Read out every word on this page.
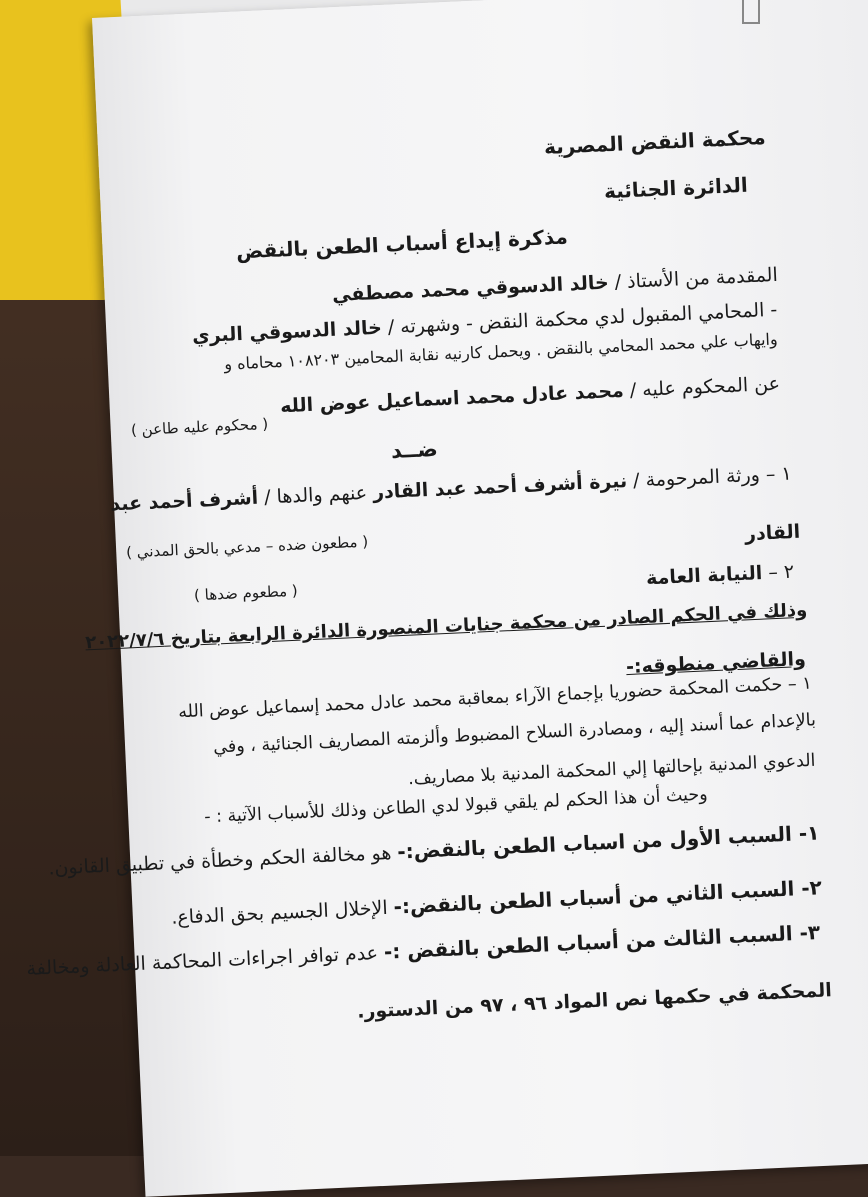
محكمة النقض المصرية
الدائرة الجنائية
مذكرة إيداع أسباب الطعن بالنقض
المقدمة من الأستاذ / خالد الدسوقي محمد مصطفي
- المحامي المقبول لدي محكمة النقض - وشهرته / خالد الدسوقي البري	وايهاب علي محمد المحامي بالنقض . ويحمل كارنيه نقابة المحامين ١٠٨٢٠٣ محاماه و
عن المحكوم عليه / محمد عادل محمد اسماعيل عوض الله
( محكوم عليه طاعن )
ضــد
١ – ورثة المرحومة / نيرة أشرف أحمد عبد القادر عنهم والدها / أشرف أحمد عبد
القادر
( مطعون ضده – مدعي بالحق المدني )
٢ – النيابة العامة
( مطعوم ضدها )
وذلك في الحكم الصادر من محكمة جنايات المنصورة الدائرة الرابعة بتاريخ ٢٠٢٢/٧/٦
والقاضي منطوقه:-
١ – حكمت المحكمة حضوريا بإجماع الآراء بمعاقبة محمد عادل محمد إسماعيل عوض الله
بالإعدام عما أسند إليه ، ومصادرة السلاح المضبوط وألزمته المصاريف الجنائية ، وفي
الدعوي المدنية بإحالتها إلي المحكمة المدنية بلا مصاريف.
وحيث أن هذا الحكم لم يلقي قبولا لدي الطاعن وذلك للأسباب الآتية : -
١- السبب الأول من اسباب الطعن بالنقض:- هو مخالفة الحكم وخطأة في تطبيق القانون.
٢- السبب الثاني من أسباب الطعن بالنقض:- الإخلال الجسيم بحق الدفاع.
٣- السبب الثالث من أسباب الطعن بالنقض :- عدم توافر اجراءات المحاكمة العادلة ومخالفة
المحكمة في حكمها نص المواد ٩٦ ، ٩٧ من الدستور.
